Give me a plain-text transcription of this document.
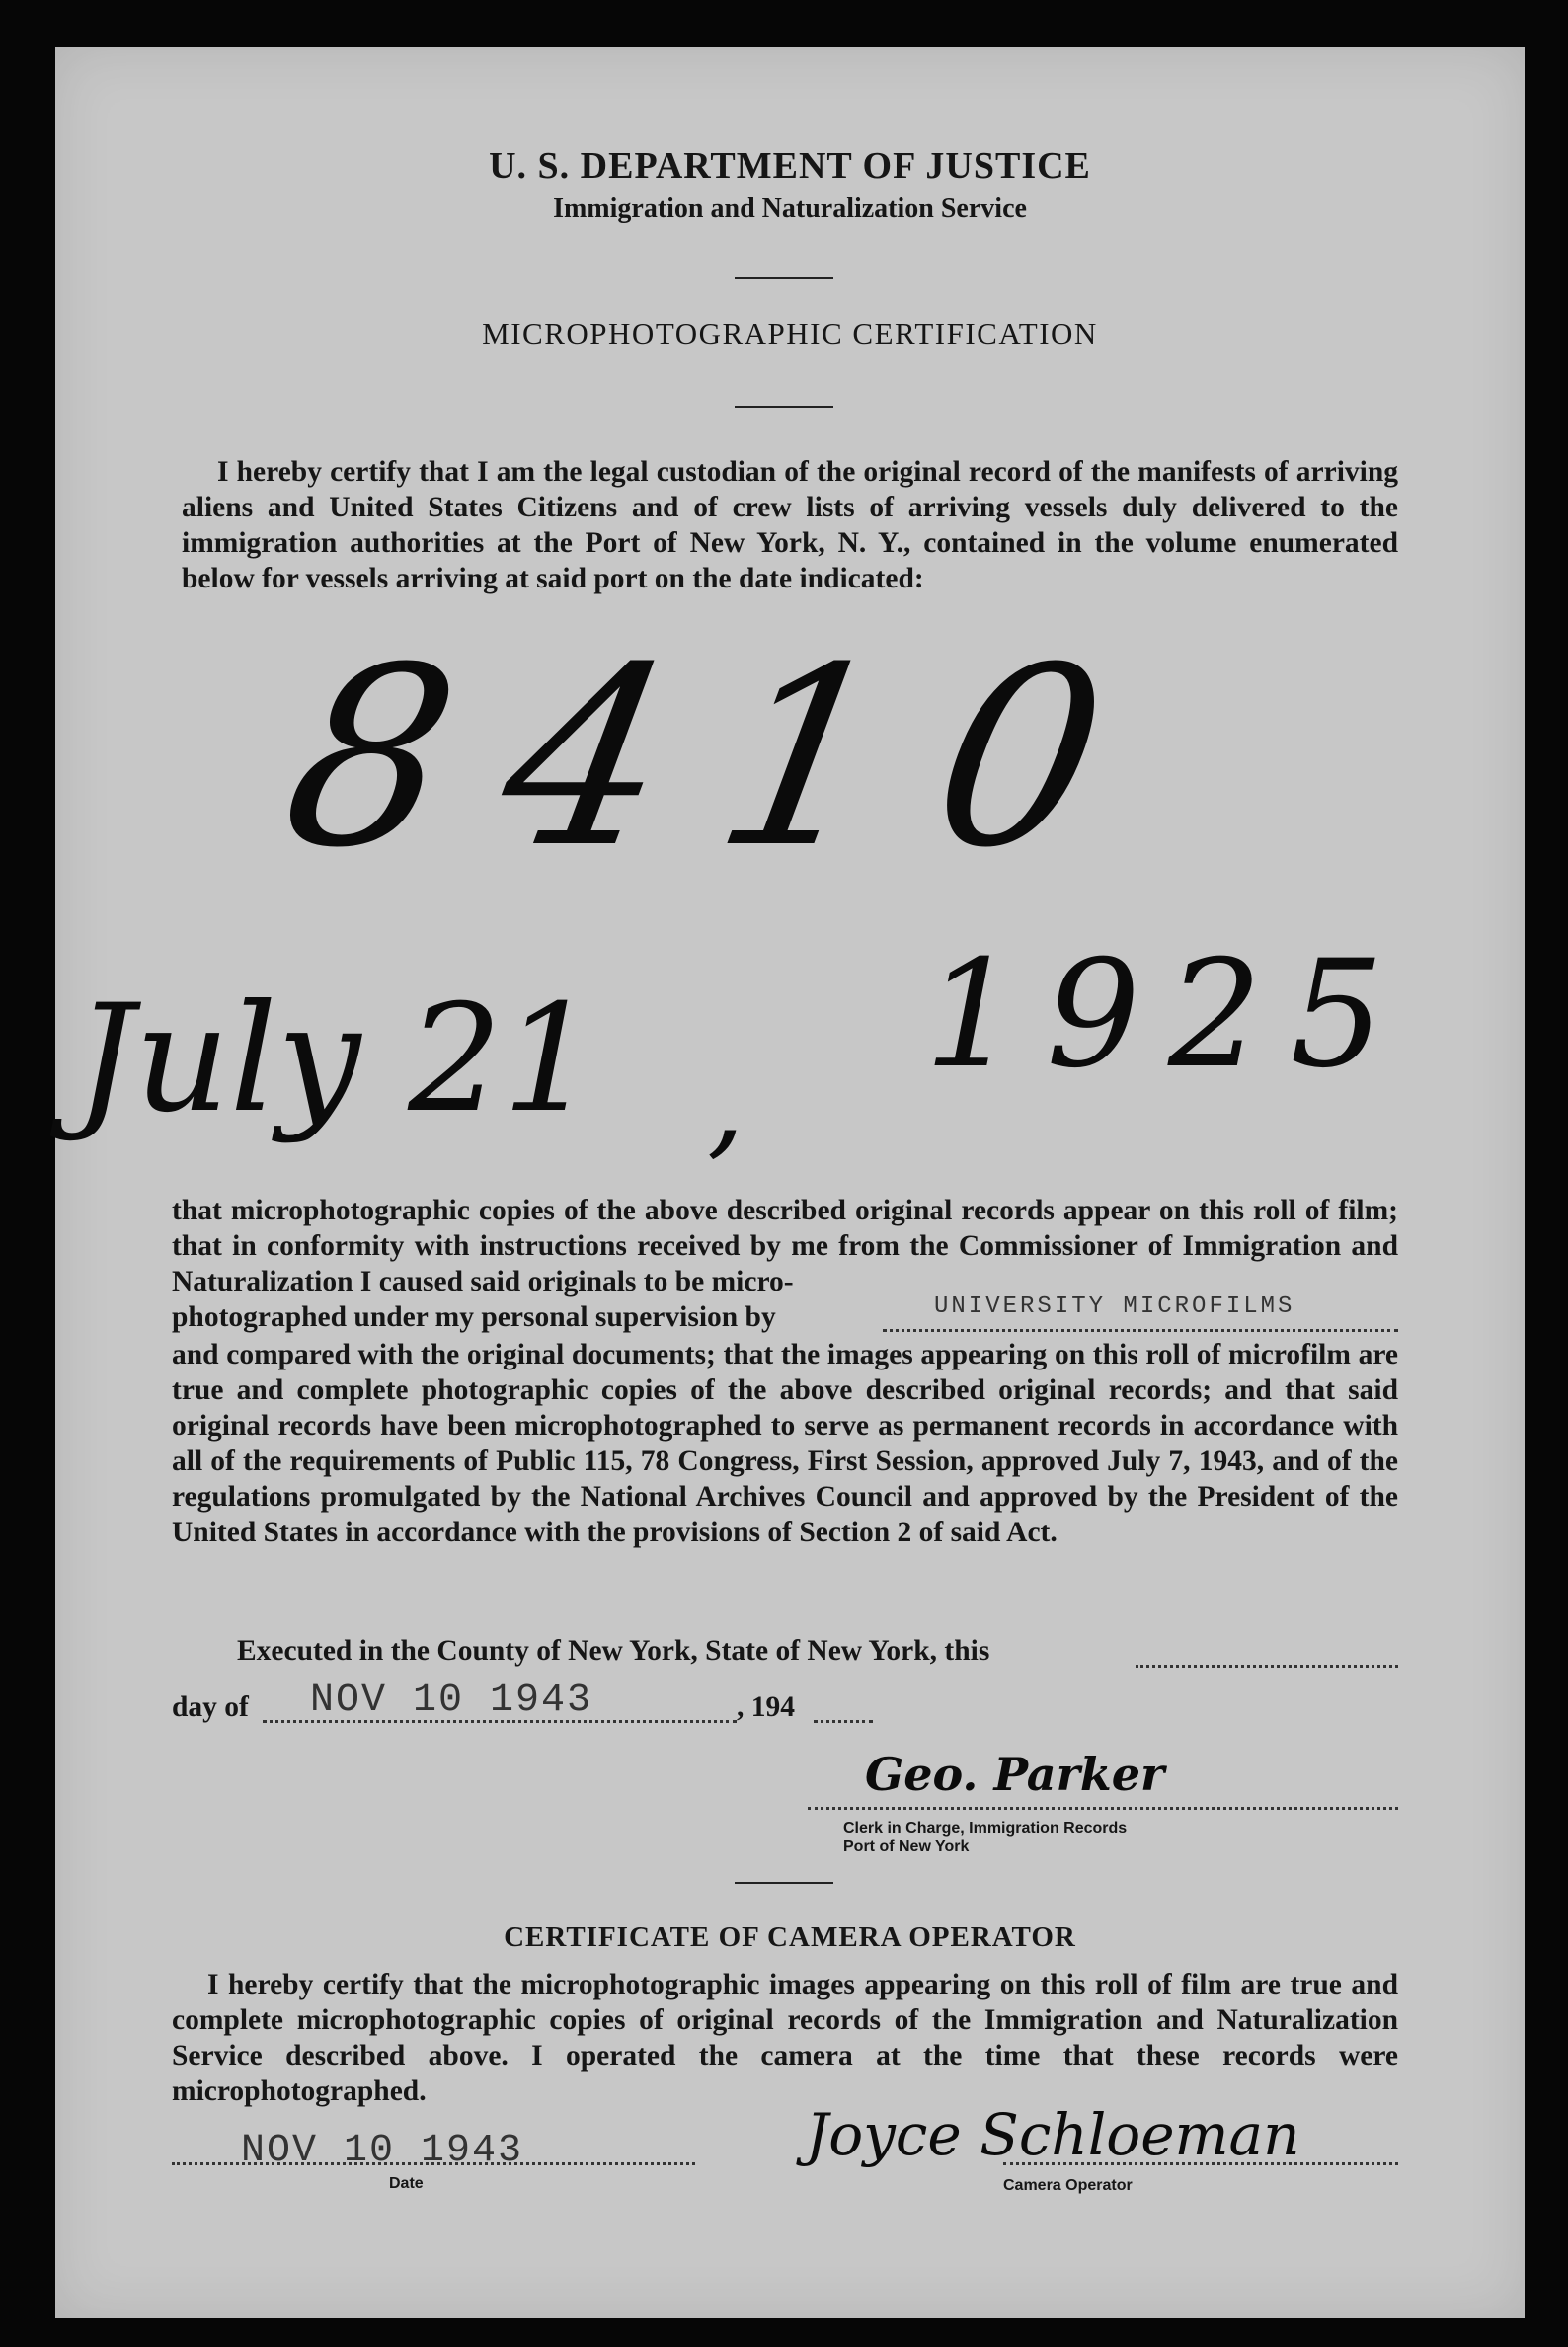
U. S. DEPARTMENT OF JUSTICE
Immigration and Naturalization Service
MICROPHOTOGRAPHIC CERTIFICATION

I hereby certify that I am the legal custodian of the original record of the manifests of arriving aliens and United States Citizens and of crew lists of arriving vessels duly delivered to the immigration authorities at the Port of New York, N. Y., contained in the volume enumerated below for vessels arriving at said port on the date indicated:

8410
July 21 ,
1925

that microphotographic copies of the above described original records appear on this roll of film; that in conformity with instructions received by me from the Commissioner of Immigration and Naturalization I caused said originals to be micro-

photographed under my personal supervision by	UNIVERSITY MICROFILMS

and compared with the original documents; that the images appearing on this roll of microfilm are true and complete photographic copies of the above described original records; and that said original records have been microphotographed to serve as permanent records in accordance with all of the requirements of Public 115, 78 Congress, First Session, approved July 7, 1943, and of the regulations promulgated by the National Archives Council and approved by the President of the United States in accordance with the provisions of Section 2 of said Act.

Executed in the County of New York, State of New York, this
day of NOV 10 1943	, 194
Geo. Parker
Clerk in Charge, Immigration Records
Port of New York
CERTIFICATE OF CAMERA OPERATOR

I hereby certify that the microphotographic images appearing on this roll of film are true and complete microphotographic copies of original records of the Immigration and Naturalization Service described above. I operated the camera at the time that these records were microphotographed.

NOV 10 1943
Date
Joyce Schloeman
Camera Operator
